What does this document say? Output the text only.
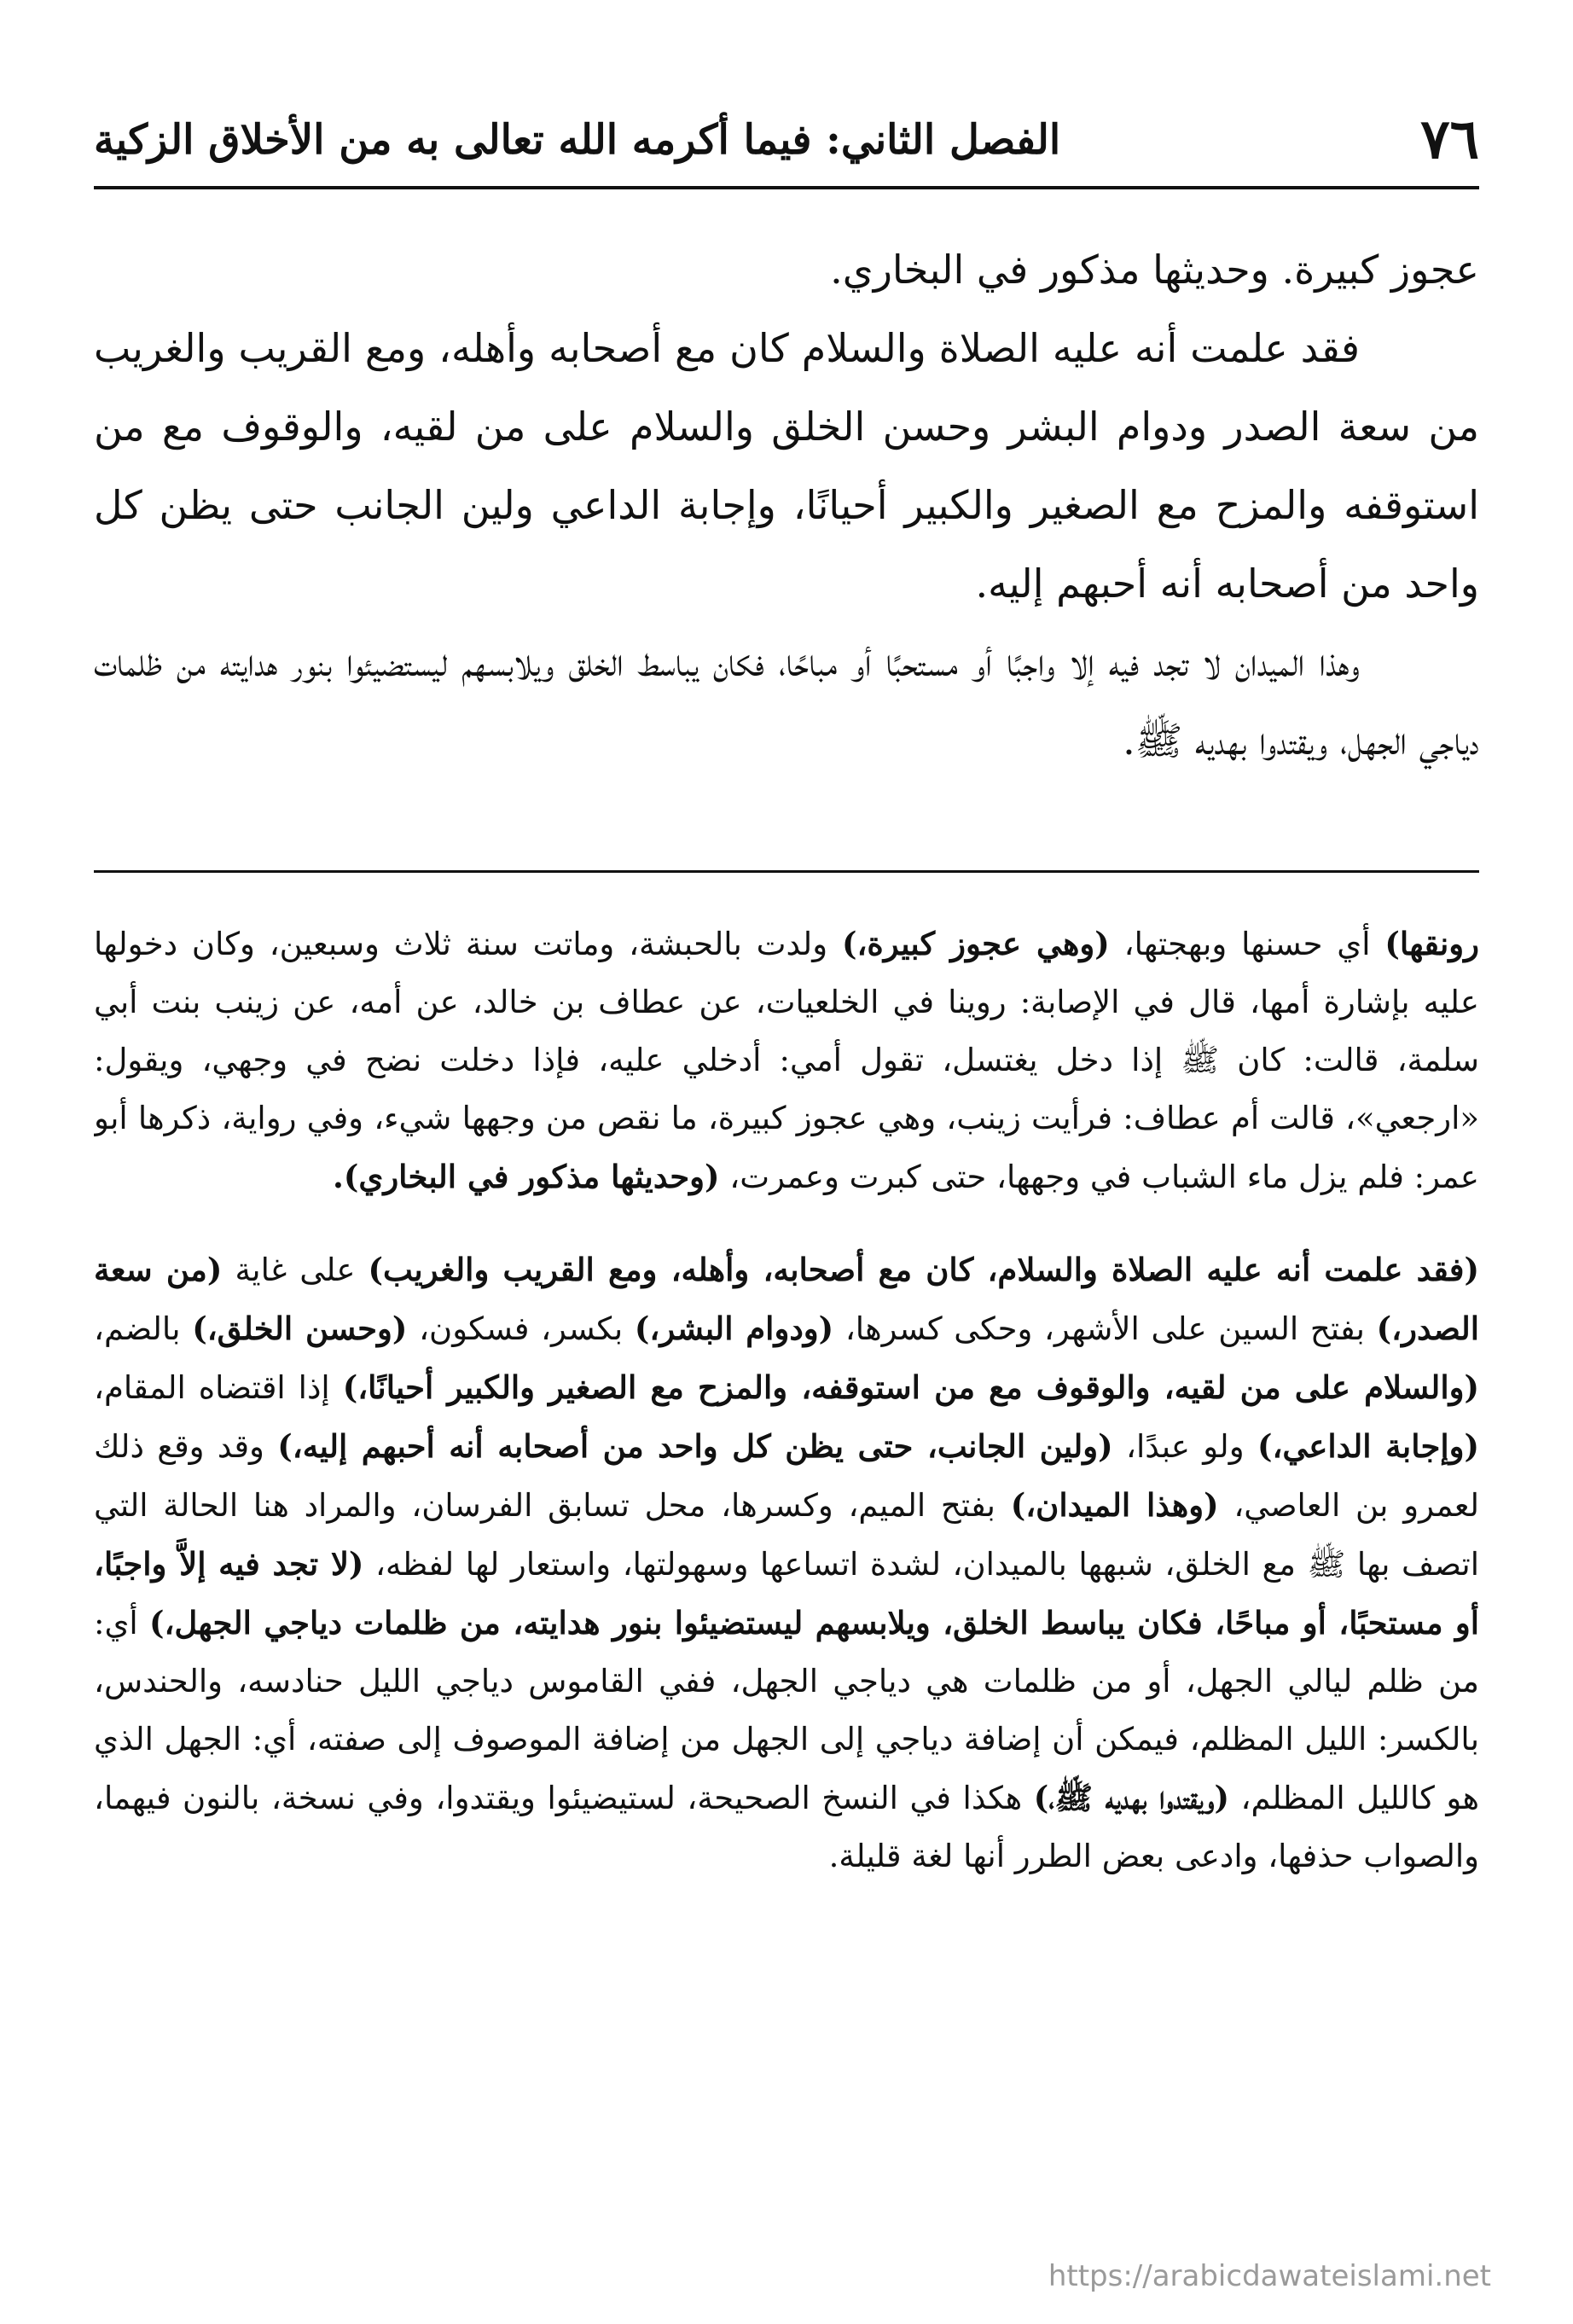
٧٦
الفصل الثاني: فيما أكرمه الله تعالى به من الأخلاق الزكية

عجوز كبيرة. وحديثها مذكور في البخاري.

فقد علمت أنه عليه الصلاة والسلام كان مع أصحابه وأهله، ومع القريب والغريب من سعة الصدر ودوام البشر وحسن الخلق والسلام على من لقيه، والوقوف مع من استوقفه والمزح مع الصغير والكبير أحيانًا، وإجابة الداعي ولين الجانب حتى يظن كل واحد من أصحابه أنه أحبهم إليه.

وهذا الميدان لا تجد فيه إلا واجبًا أو مستحبًا أو مباحًا، فكان يباسط الخلق ويلابسهم ليستضيئوا بنور هدايته من ظلمات دياجي الجهل، ويقتدوا بهديه ﷺ.

رونقها) أي حسنها وبهجتها، (وهي عجوز كبيرة،) ولدت بالحبشة، وماتت سنة ثلاث وسبعين، وكان دخولها عليه بإشارة أمها، قال في الإصابة: روينا في الخلعيات، عن عطاف بن خالد، عن أمه، عن زينب بنت أبي سلمة، قالت: كان ﷺ إذا دخل يغتسل، تقول أمي: أدخلي عليه، فإذا دخلت نضح في وجهي، ويقول: «ارجعي»، قالت أم عطاف: فرأيت زينب، وهي عجوز كبيرة، ما نقص من وجهها شيء، وفي رواية، ذكرها أبو عمر: فلم يزل ماء الشباب في وجهها، حتى كبرت وعمرت، (وحديثها مذكور في البخاري).

(فقد علمت أنه عليه الصلاة والسلام، كان مع أصحابه، وأهله، ومع القريب والغريب) على غاية (من سعة الصدر،) بفتح السين على الأشهر، وحكى كسرها، (ودوام البشر،) بكسر، فسكون، (وحسن الخلق،) بالضم، (والسلام على من لقيه، والوقوف مع من استوقفه، والمزح مع الصغير والكبير أحيانًا،) إذا اقتضاه المقام، (وإجابة الداعي،) ولو عبدًا، (ولين الجانب، حتى يظن كل واحد من أصحابه أنه أحبهم إليه،) وقد وقع ذلك لعمرو بن العاصي، (وهذا الميدان،) بفتح الميم، وكسرها، محل تسابق الفرسان، والمراد هنا الحالة التي اتصف بها ﷺ مع الخلق، شبهها بالميدان، لشدة اتساعها وسهولتها، واستعار لها لفظه، (لا تجد فيه إلاَّ واجبًا، أو مستحبًا، أو مباحًا، فكان يباسط الخلق، ويلابسهم ليستضيئوا بنور هدايته، من ظلمات دياجي الجهل،) أي: من ظلم ليالي الجهل، أو من ظلمات هي دياجي الجهل، ففي القاموس دياجي الليل حنادسه، والحندس، بالكسر: الليل المظلم، فيمكن أن إضافة دياجي إلى الجهل من إضافة الموصوف إلى صفته، أي: الجهل الذي هو كالليل المظلم، (ويقتدوا بهديه ﷺ،) هكذا في النسخ الصحيحة، لستيضيئوا ويقتدوا، وفي نسخة، بالنون فيهما، والصواب حذفها، وادعى بعض الطرر أنها لغة قليلة.

https://arabicdawateislami.net
